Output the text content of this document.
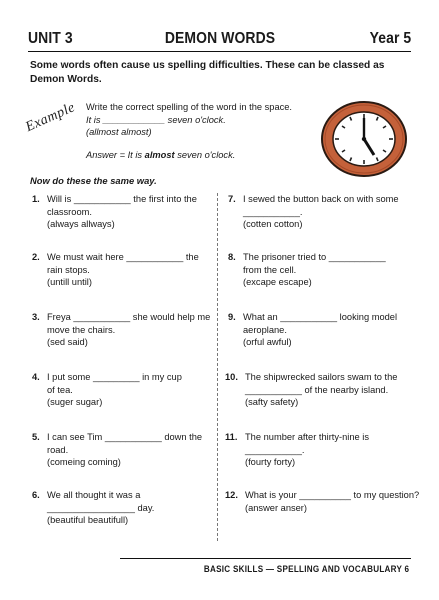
UNIT 3	DEMON WORDS	Year 5
Some words often cause us spelling difficulties. These can be classed as Demon Words.
Example Write the correct spelling of the word in the space.
It is ____________ seven o'clock.
(allmost almost)
Answer = It is almost seven o'clock.
Now do these the same way.
1. Will is ___________ the first into the
classroom.
(always allways)
2. We must wait here ___________ the
rain stops.
(untill until)
3. Freya ___________ she would help me
move the chairs.
(sed said)
4. I put some _________ in my cup
of tea.
(suger sugar)
5. I can see Tim ___________ down the
road.
(comeing coming)
6. We all thought it was a
_________________ day.
(beautiful beautifull)
7. I sewed the button back on with some
___________.
(cotten cotton)
8. The prisoner tried to ___________
from the cell.
(excape escape)
9. What an ___________ looking model
aeroplane.
(orful awful)
10. The shipwrecked sailors swam to the
___________ of the nearby island.
(safty safety)
11. The number after thirty-nine is
___________.
(fourty forty)
12. What is your __________ to my question?
(answer anser)
BASIC SKILLS — SPELLING AND VOCABULARY 6
